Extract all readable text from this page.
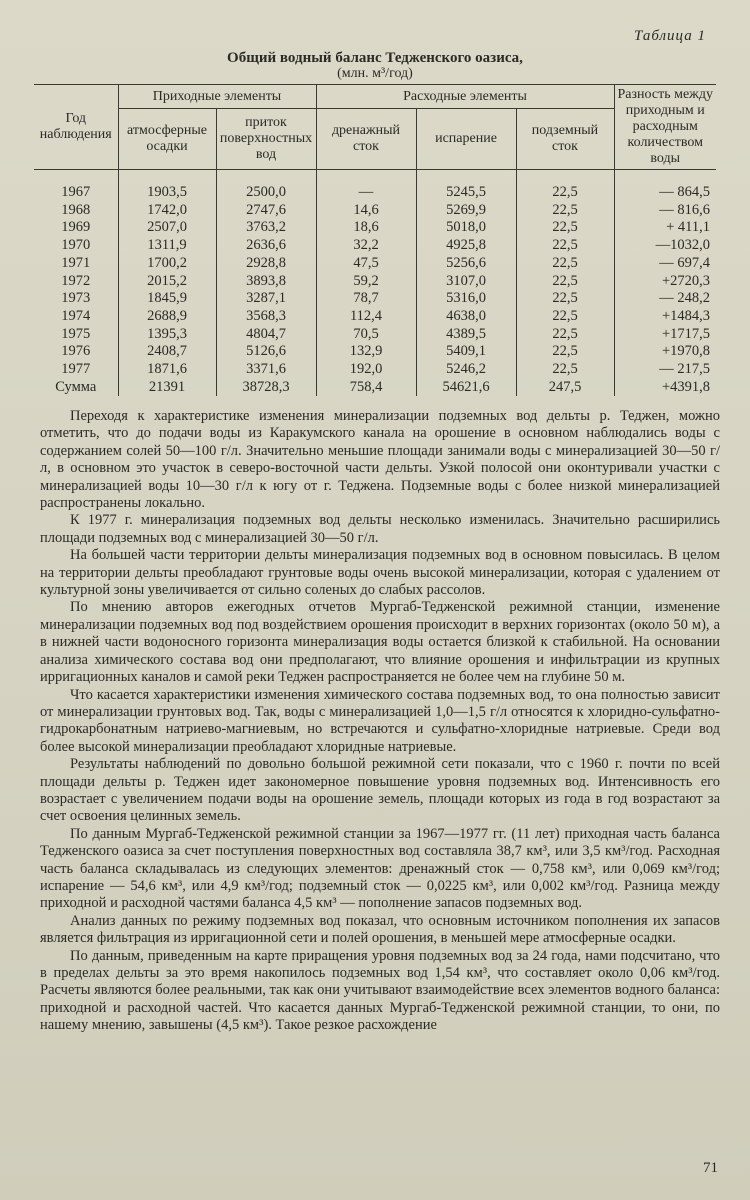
Таблица 1
Общий водный баланс Тедженского оазиса,
(млн. м³/год)
Год наблюдения	Приходные элементы		Расходные элементы			Разность между приходным и расходным количеством воды
	атмосферные осадки	приток поверхностных вод	дренажный сток	испарение	подземный сток	
1967	1903,5	2500,0	—	5245,5	22,5	— 864,5
1968	1742,0	2747,6	14,6	5269,9	22,5	— 816,6
1969	2507,0	3763,2	18,6	5018,0	22,5	+ 411,1
1970	1311,9	2636,6	32,2	4925,8	22,5	—1032,0
1971	1700,2	2928,8	47,5	5256,6	22,5	— 697,4
1972	2015,2	3893,8	59,2	3107,0	22,5	+2720,3
1973	1845,9	3287,1	78,7	5316,0	22,5	— 248,2
1974	2688,9	3568,3	112,4	4638,0	22,5	+1484,3
1975	1395,3	4804,7	70,5	4389,5	22,5	+1717,5
1976	2408,7	5126,6	132,9	5409,1	22,5	+1970,8
1977	1871,6	3371,6	192,0	5246,2	22,5	— 217,5
Сумма	21391	38728,3	758,4	54621,6	247,5	+4391,8

Переходя к характеристике изменения минерализации подземных вод дельты р. Теджен, можно отметить, что до подачи воды из Каракумского канала на орошение в основном наблюдались воды с содержанием солей 50—100 г/л. Значительно меньшие площади занимали воды с минерализацией 30—50 г/л, в основном это участок в северо-восточной части дельты. Узкой полосой они оконтуривали участки с минерализацией воды 10—30 г/л к югу от г. Теджена. Подземные воды с более низкой минерализацией распространены локально.

К 1977 г. минерализация подземных вод дельты несколько изменилась. Значительно расширились площади подземных вод с минерализацией 30—50 г/л.

На большей части территории дельты минерализация подземных вод в основном повысилась. В целом на территории дельты преобладают грунтовые воды очень высокой минерализации, которая с удалением от культурной зоны увеличивается от сильно соленых до слабых рассолов.

По мнению авторов ежегодных отчетов Мургаб-Тедженской режимной станции, изменение минерализации подземных вод под воздействием орошения происходит в верхних горизонтах (около 50 м), а в нижней части водоносного горизонта минерализация воды остается близкой к стабильной. На основании анализа химического состава вод они предполагают, что влияние орошения и инфильтрации из крупных ирригационных каналов и самой реки Теджен распространяется не более чем на глубине 50 м.

Что касается характеристики изменения химического состава подземных вод, то она полностью зависит от минерализации грунтовых вод. Так, воды с минерализацией 1,0—1,5 г/л относятся к хлоридно-сульфатно-гидрокарбонатным натриево-магниевым, но встречаются и сульфатно-хлоридные натриевые. Среди вод более высокой минерализации преобладают хлоридные натриевые.

Результаты наблюдений по довольно большой режимной сети показали, что с 1960 г. почти по всей площади дельты р. Теджен идет закономерное повышение уровня подземных вод. Интенсивность его возрастает с увеличением подачи воды на орошение земель, площади которых из года в год возрастают за счет освоения целинных земель.

По данным Мургаб-Тедженской режимной станции за 1967—1977 гг. (11 лет) приходная часть баланса Тедженского оазиса за счет поступления поверхностных вод составляла 38,7 км³, или 3,5 км³/год. Расходная часть баланса складывалась из следующих элементов: дренажный сток — 0,758 км³, или 0,069 км³/год; испарение — 54,6 км³, или 4,9 км³/год; подземный сток — 0,0225 км³, или 0,002 км³/год. Разница между приходной и расходной частями баланса 4,5 км³ — пополнение запасов подземных вод.

Анализ данных по режиму подземных вод показал, что основным источником пополнения их запасов является фильтрация из ирригационной сети и полей орошения, в меньшей мере атмосферные осадки.

По данным, приведенным на карте приращения уровня подземных вод за 24 года, нами подсчитано, что в пределах дельты за это время накопилось подземных вод 1,54 км³, что составляет около 0,06 км³/год. Расчеты являются более реальными, так как они учитывают взаимодействие всех элементов водного баланса: приходной и расходной частей. Что касается данных Мургаб-Тедженской режимной станции, то они, по нашему мнению, завышены (4,5 км³). Такое резкое расхождение

71
